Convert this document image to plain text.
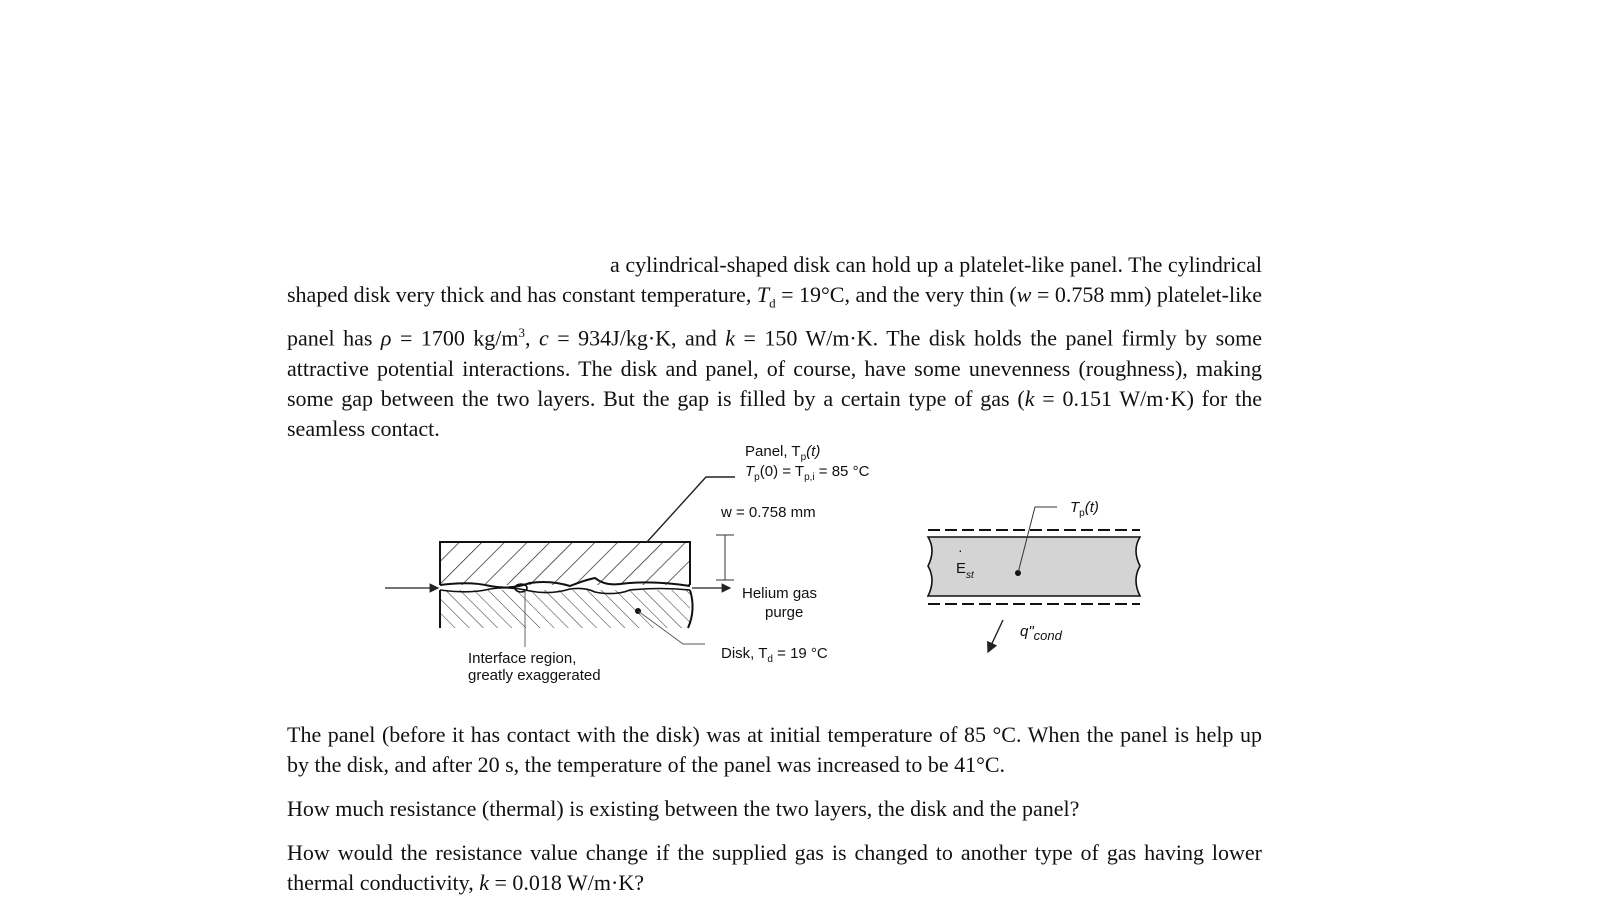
a cylindrical-shaped disk can hold up a platelet-like panel. The cylindrical shaped disk very thick and has constant temperature, $T_d = 19^\circ C$, and the very thin (w = 0.758 mm) platelet-like panel has ρ = 1700 $kg/m^3$, c = 934J/kg·K, and k = 150 W/m·K. The disk holds the panel firmly by some attractive potential interactions. The disk and panel, of course, have some unevenness (roughness), making some gap between the two layers. But the gap is filled by a certain type of gas (k = 0.151 W/m·K) for the seamless contact.

Panel, $T_p(t)$
$T_p(0) = T_{p,i} = 85$ °C
w = 0.758 mm
Helium gas
purge
Interface region,
greatly exaggerated
Disk, $T_d = 19$ °C
$T_p(t)$
$E_{st}$
·
q"cond

The panel (before it has contact with the disk) was at initial temperature of 85 °C. When the panel is help up by the disk, and after 20 s, the temperature of the panel was increased to be 41°C.

How much resistance (thermal) is existing between the two layers, the disk and the panel?

How would the resistance value change if the supplied gas is changed to another type of gas having lower thermal conductivity, k = 0.018 W/m·K?
